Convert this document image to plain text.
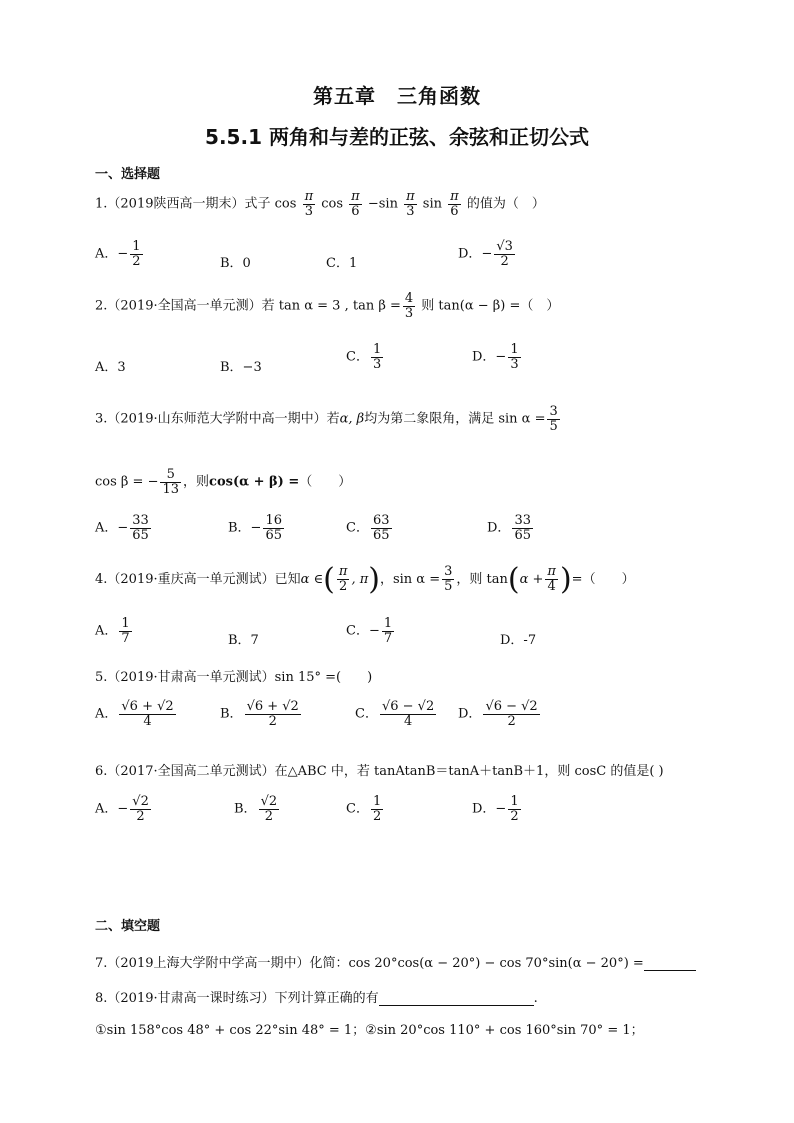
第五章　三角函数
5.5.1 两角和与差的正弦、余弦和正切公式
一、选择题
1.（2019陕西高一期末）式子 $\cos \frac{\pi}{3}$ $\cos \frac{\pi}{6} -\sin \frac{\pi}{3}$ $\sin \frac{\pi}{6}$ 的值为（　）
A．− $\frac{1}{2}$	B．0	C．1
D．− $\frac{√3}{2}$
2.（2019·全国高一单元测）若 tan α = 3 , $\tan \beta = \frac{4}{3}$ 则 tan(α − β) =（　）
A．3	B．−3
C． $\frac{1}{3}$	D．− $\frac{1}{3}$
3.（2019·山东师范大学附中高一期中）若α, β均为第二象限角，满足 $\sin \alpha = \frac{3}{5}$
cos β = − $\frac{5}{13}$ ，则cos(α + β) =（　　）
A．− $\frac{33}{65}$	B．− $\frac{16}{65}$	C． $\frac{63}{65}$	D． $\frac{33}{65}$
4.（2019·重庆高一单元测试）已知α ∈( $\frac{\pi}{2}$ , π)，$\sin \alpha = \frac{3}{5}$ ，则 $\tan(\alpha + \frac{\pi}{4}$ )=（　　）
A． $\frac{1}{7}$	B．7
C．− $\frac{1}{7}$	D．-7
5.（2019·甘肃高一单元测试）sin 15° =(　　)
A． $\frac{√6 + √2}{4}$	B． $\frac{√6 + √2}{2}$	C． $\frac{√6 - √2}{4}$ D． $\frac{√6 - √2}{2}$
6.（2017·全国高二单元测试）在△ABC 中，若 tanAtanB＝tanA＋tanB＋1，则 cosC 的值是( )
A．− $\frac{√2}{2}$	B． $\frac{√2}{2}$	C． $\frac{1}{2}$	D．− $\frac{1}{2}$
二、填空题
7.（2019上海大学附中学高一期中）化简：cos 20°cos(α − 20°) − cos 70°sin(α − 20°) =
8.（2019·甘肃高一课时练习）下列计算正确的有	.
①sin 158°cos 48° + cos 22°sin 48° = 1；②sin 20°cos 110° + cos 160°sin 70° = 1；
